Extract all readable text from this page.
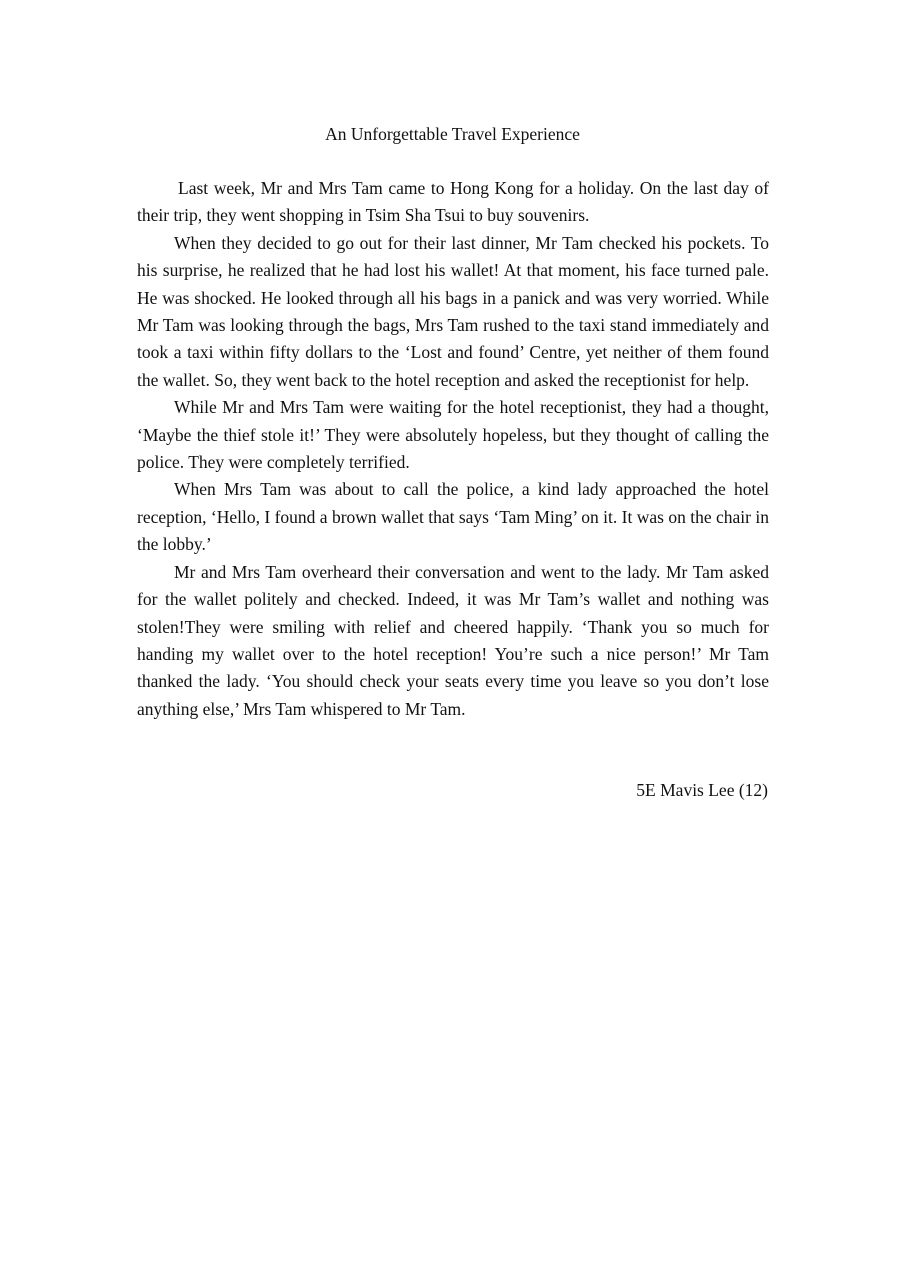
An Unforgettable Travel Experience

Last week, Mr and Mrs Tam came to Hong Kong for a holiday. On the last day of their trip, they went shopping in Tsim Sha Tsui to buy souvenirs.

When they decided to go out for their last dinner, Mr Tam checked his pockets. To his surprise, he realized that he had lost his wallet! At that moment, his face turned pale. He was shocked. He looked through all his bags in a panick and was very worried. While Mr Tam was looking through the bags, Mrs Tam rushed to the taxi stand immediately and took a taxi within fifty dollars to the ‘Lost and found’ Centre, yet neither of them found the wallet. So, they went back to the hotel reception and asked the receptionist for help.

While Mr and Mrs Tam were waiting for the hotel receptionist, they had a thought, ‘Maybe the thief stole it!’ They were absolutely hopeless, but they thought of calling the police. They were completely terrified.

When Mrs Tam was about to call the police, a kind lady approached the hotel reception, ‘Hello, I found a brown wallet that says ‘Tam Ming’ on it. It was on the chair in the lobby.’

Mr and Mrs Tam overheard their conversation and went to the lady. Mr Tam asked for the wallet politely and checked. Indeed, it was Mr Tam’s wallet and nothing was stolen!They were smiling with relief and cheered happily. ‘Thank you so much for handing my wallet over to the hotel reception! You’re such a nice person!’ Mr Tam thanked the lady. ‘You should check your seats every time you leave so you don’t lose anything else,’ Mrs Tam whispered to Mr Tam.

5E Mavis Lee (12)
